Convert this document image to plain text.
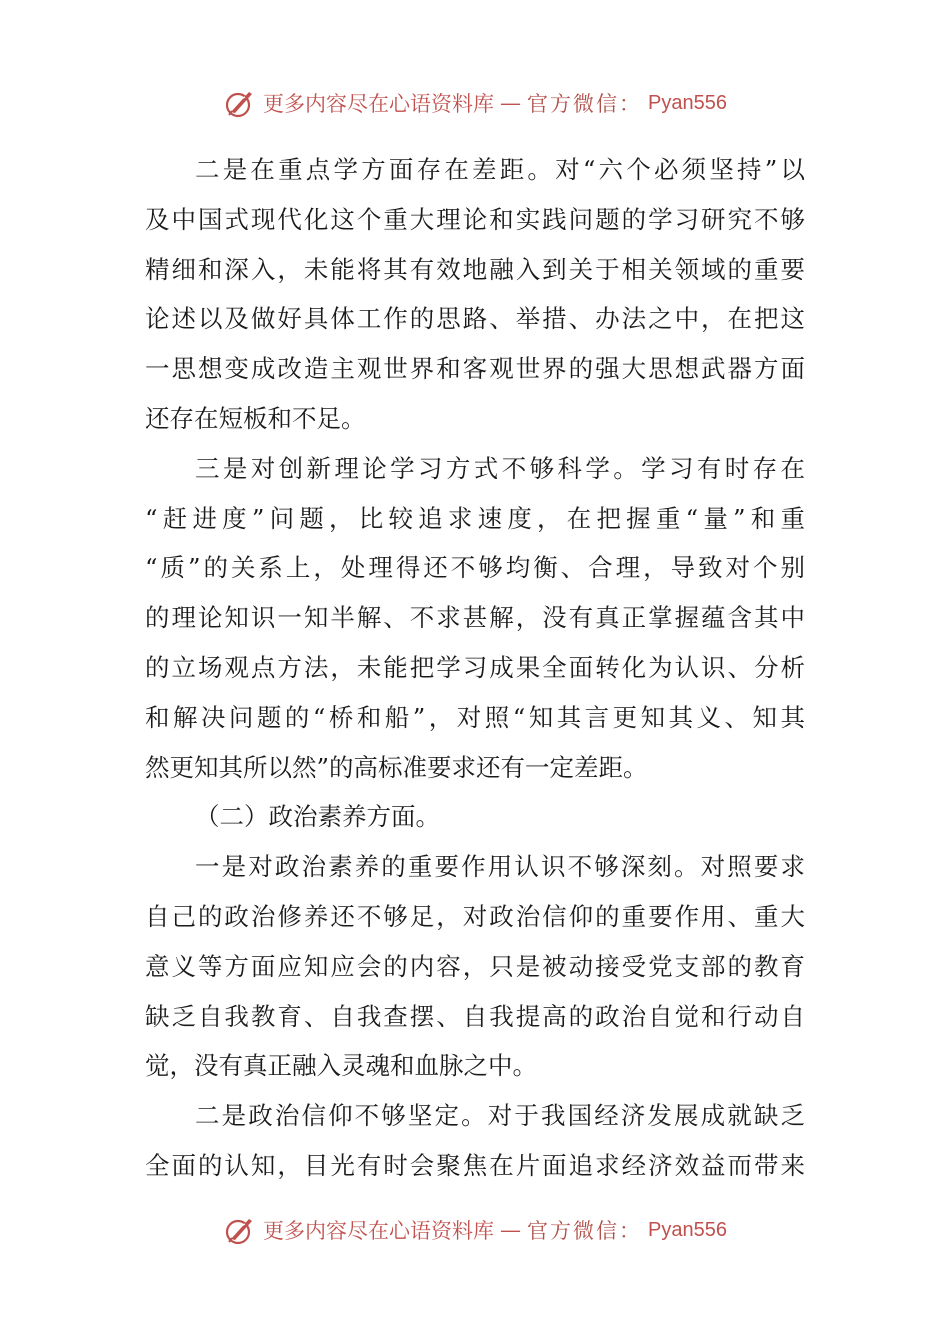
更多内容尽在心语资料库 — 官方微信： Pyan556
二是在重点学方面存在差距。对“六个必须坚持”以
及中国式现代化这个重大理论和实践问题的学习研究不够
精细和深入，未能将其有效地融入到关于相关领域的重要
论述以及做好具体工作的思路、举措、办法之中，在把这
一思想变成改造主观世界和客观世界的强大思想武器方面
还存在短板和不足。
三是对创新理论学习方式不够科学。学习有时存在
“赶进度”问题，比较追求速度，在把握重“量”和重
“质”的关系上，处理得还不够均衡、合理，导致对个别
的理论知识一知半解、不求甚解，没有真正掌握蕴含其中
的立场观点方法，未能把学习成果全面转化为认识、分析
和解决问题的“桥和船”，对照“知其言更知其义、知其
然更知其所以然”的高标准要求还有一定差距。
（二）政治素养方面。
一是对政治素养的重要作用认识不够深刻。对照要求
自己的政治修养还不够足，对政治信仰的重要作用、重大
意义等方面应知应会的内容，只是被动接受党支部的教育
缺乏自我教育、自我查摆、自我提高的政治自觉和行动自
觉，没有真正融入灵魂和血脉之中。
二是政治信仰不够坚定。对于我国经济发展成就缺乏
全面的认知，目光有时会聚焦在片面追求经济效益而带来
更多内容尽在心语资料库 — 官方微信： Pyan556
